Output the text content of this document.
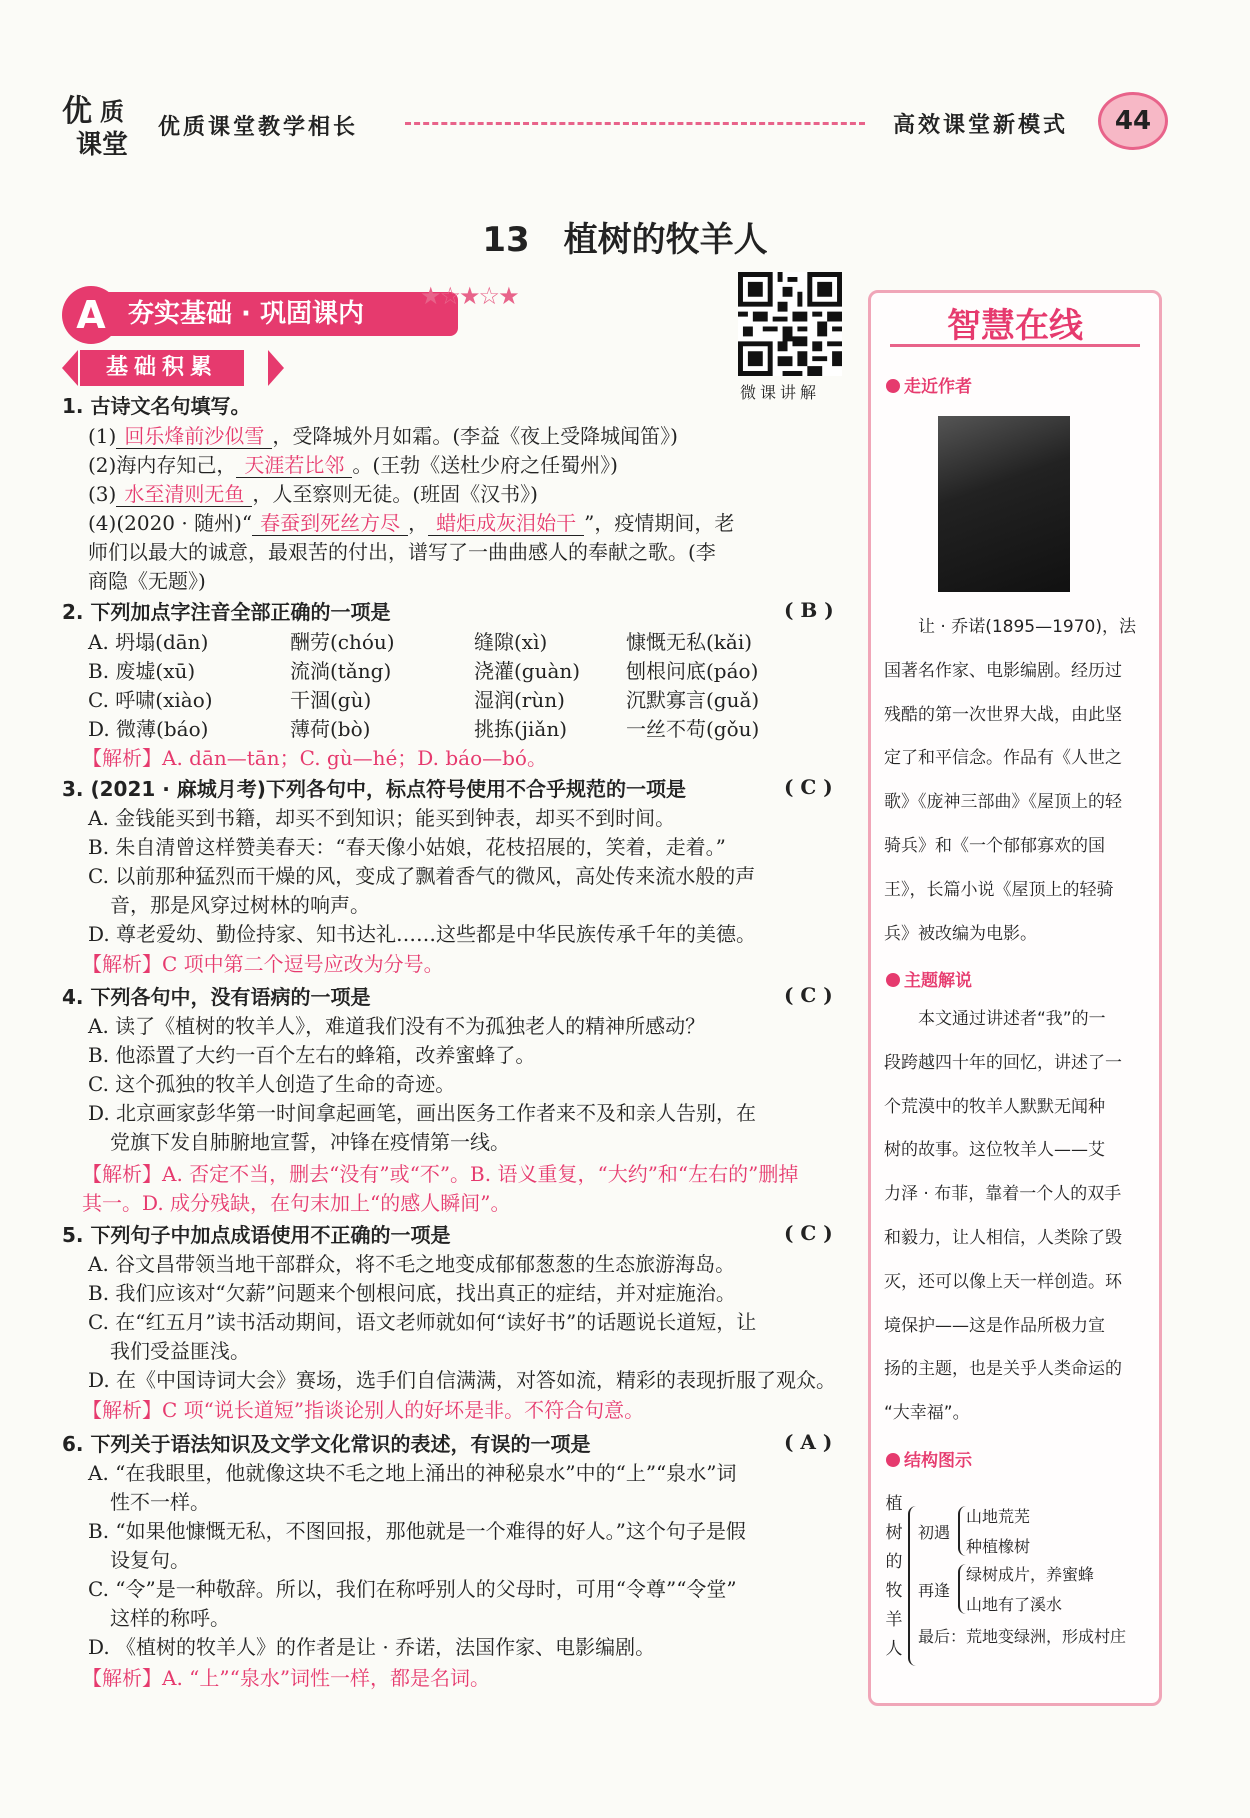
优 质
课堂
优质课堂教学相长	高效课堂新模式	44
13　植树的牧羊人
夯实基础 · 巩固课内
A	★☆★☆★
基础积累
微课讲解
1. 古诗文名句填写。
(1) 回乐烽前沙似雪 ，受降城外月如霜。(李益《夜上受降城闻笛》)
(2)海内存知己， 天涯若比邻 。(王勃《送杜少府之任蜀州》)
(3) 水至清则无鱼 ，人至察则无徒。(班固《汉书》)
(4)(2020 · 随州)“ 春蚕到死丝方尽 ， 蜡炬成灰泪始干 ”，疫情期间，老
师们以最大的诚意，最艰苦的付出，谱写了一曲曲感人的奉献之歌。(李
商隐《无题》)
2. 下列加点字注音全部正确的一项是	( B )
A. 坍塌(dān)	酬劳(chóu)	缝隙(xì)	慷慨无私(kǎi)
B. 废墟(xū)	流淌(tǎng)	浇灌(guàn) 刨根问底(páo)
C. 呼啸(xiào)	干涸(gù)	湿润(rùn)	沉默寡言(guǎ)
D. 微薄(báo)	薄荷(bò)	挑拣(jiǎn)	一丝不苟(gǒu)
【解析】A. dān—tān；C. gù—hé；D. báo—bó。
3. (2021 · 麻城月考)下列各句中，标点符号使用不合乎规范的一项是	( C )
A. 金钱能买到书籍，却买不到知识；能买到钟表，却买不到时间。
B. 朱自清曾这样赞美春天：“春天像小姑娘，花枝招展的，笑着，走着。”
C. 以前那种猛烈而干燥的风，变成了飘着香气的微风，高处传来流水般的声
音，那是风穿过树林的响声。
D. 尊老爱幼、勤俭持家、知书达礼……这些都是中华民族传承千年的美德。
【解析】C 项中第二个逗号应改为分号。
4. 下列各句中，没有语病的一项是	( C )
A. 读了《植树的牧羊人》，难道我们没有不为孤独老人的精神所感动？
B. 他添置了大约一百个左右的蜂箱，改养蜜蜂了。
C. 这个孤独的牧羊人创造了生命的奇迹。
D. 北京画家彭华第一时间拿起画笔，画出医务工作者来不及和亲人告别，在
党旗下发自肺腑地宣誓，冲锋在疫情第一线。
【解析】A. 否定不当，删去“没有”或“不”。B. 语义重复，“大约”和“左右的”删掉
其一。D. 成分残缺，在句末加上“的感人瞬间”。
5. 下列句子中加点成语使用不正确的一项是	( C )
A. 谷文昌带领当地干部群众，将不毛之地变成郁郁葱葱的生态旅游海岛。
B. 我们应该对“欠薪”问题来个刨根问底，找出真正的症结，并对症施治。
C. 在“红五月”读书活动期间，语文老师就如何“读好书”的话题说长道短，让
我们受益匪浅。
D. 在《中国诗词大会》赛场，选手们自信满满，对答如流，精彩的表现折服了观众。
【解析】C 项“说长道短”指谈论别人的好坏是非。不符合句意。
6. 下列关于语法知识及文学文化常识的表述，有误的一项是	( A )
A. “在我眼里，他就像这块不毛之地上涌出的神秘泉水”中的“上”“泉水”词
性不一样。
B. “如果他慷慨无私，不图回报，那他就是一个难得的好人。”这个句子是假
设复句。
C. “令”是一种敬辞。所以，我们在称呼别人的父母时，可用“令尊”“令堂”
这样的称呼。
D. 《植树的牧羊人》的作者是让 · 乔诺，法国作家、电影编剧。
【解析】A. “上”“泉水”词性一样，都是名词。
智慧在线
走近作者
让 · 乔诺(1895—1970)，法
国著名作家、电影编剧。经历过
残酷的第一次世界大战，由此坚
定了和平信念。作品有《人世之
歌》《庞神三部曲》《屋顶上的轻
骑兵》和《一个郁郁寡欢的国
王》，长篇小说《屋顶上的轻骑
兵》被改编为电影。
主题解说
本文通过讲述者“我”的一
段跨越四十年的回忆，讲述了一
个荒漠中的牧羊人默默无闻种
树的故事。这位牧羊人——艾
力泽 · 布菲，靠着一个人的双手
和毅力，让人相信，人类除了毁
灭，还可以像上天一样创造。环
境保护——这是作品所极力宣
扬的主题，也是关乎人类命运的
“大幸福”。
结构图示
植树的牧羊人
初遇
山地荒芜
种植橡树
再逢
绿树成片，养蜜蜂
山地有了溪水
最后：荒地变绿洲，形成村庄
